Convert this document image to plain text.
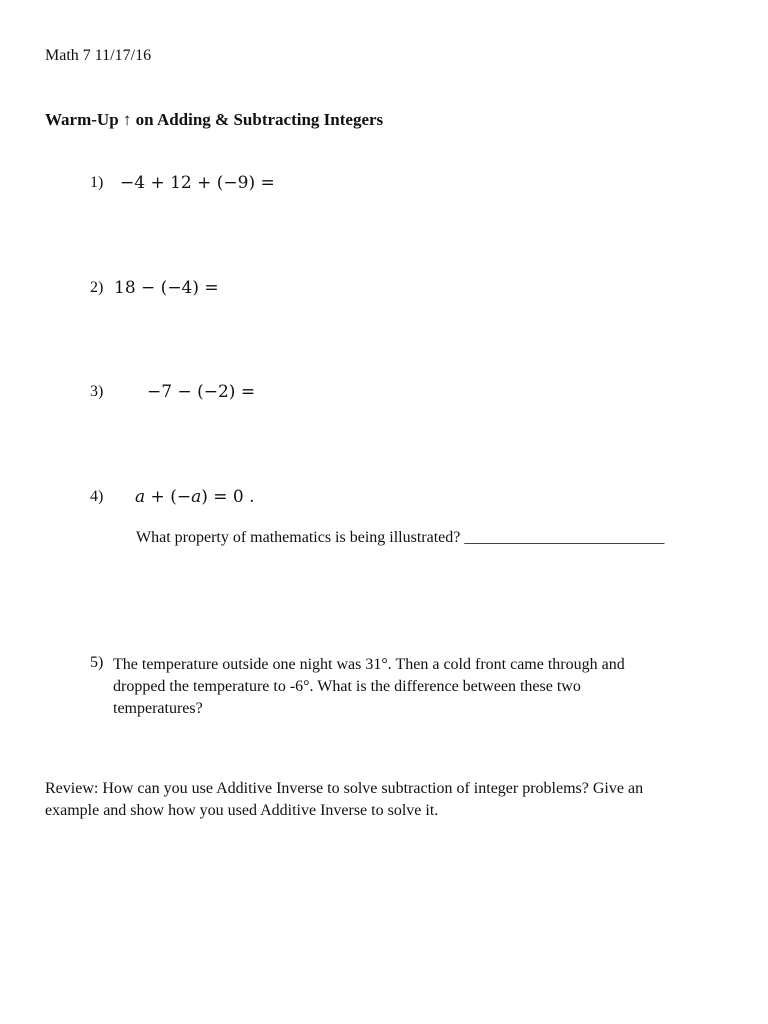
Math 7 11/17/16
Warm-Up ↑ on Adding & Subtracting Integers
1) −4 + 12 + (−9) =
2) 18 − (−4) =
3)	−7 − (−2) =
4) a + (−a) = 0 .
What property of mathematics is being illustrated? _________________________
5) The temperature outside one night was 31°. Then a cold front came through and
dropped the temperature to -6°. What is the difference between these two
temperatures?
Review: How can you use Additive Inverse to solve subtraction of integer problems? Give an
example and show how you used Additive Inverse to solve it.
